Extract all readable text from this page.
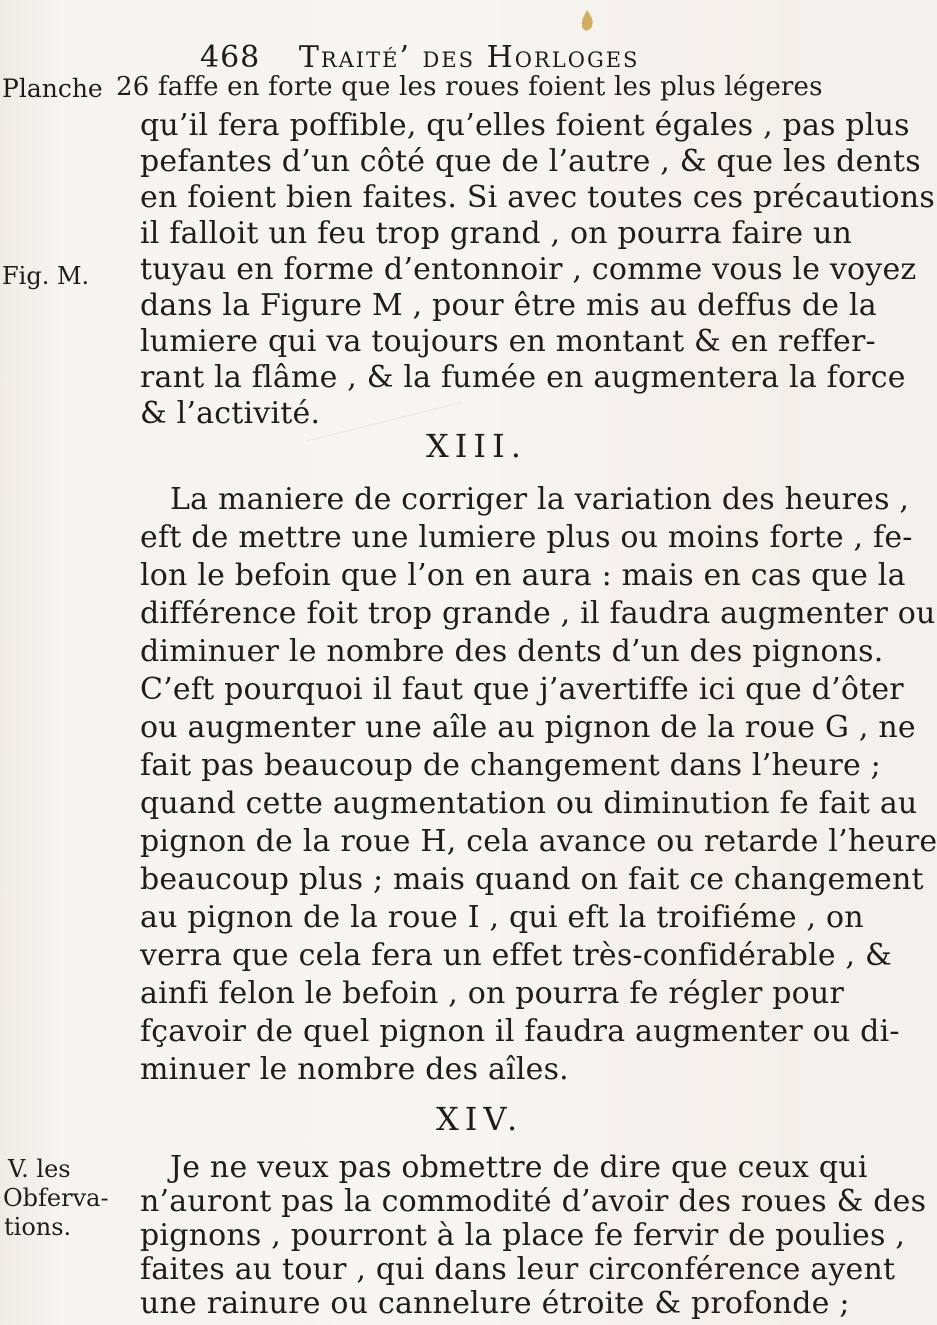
468 Traité’ des Horloges
Planche
Fig. M.
V. les
Obferva-
tions.
26 faffe en forte que les roues foient les plus légeres
qu’il fera poffible, qu’elles foient égales , pas plus
pefantes d’un côté que de l’autre , & que les dents
en foient bien faites. Si avec toutes ces précautions
il falloit un feu trop grand , on pourra faire un
tuyau en forme d’entonnoir , comme vous le voyez
dans la Figure M , pour être mis au deffus de la
lumiere qui va toujours en montant & en reffer-
rant la flâme , & la fumée en augmentera la force
& l’activité.
XIII.
La maniere de corriger la variation des heures ,
eft de mettre une lumiere plus ou moins forte , fe-
lon le befoin que l’on en aura : mais en cas que la
différence foit trop grande , il faudra augmenter ou
diminuer le nombre des dents d’un des pignons.
C’eft pourquoi il faut que j’avertiffe ici que d’ôter
ou augmenter une aîle au pignon de la roue G , ne
fait pas beaucoup de changement dans l’heure ;
quand cette augmentation ou diminution fe fait au
pignon de la roue H, cela avance ou retarde l’heure
beaucoup plus ; mais quand on fait ce changement
au pignon de la roue I , qui eft la troifiéme , on
verra que cela fera un effet très-confidérable , &
ainfi felon le befoin , on pourra fe régler pour
fçavoir de quel pignon il faudra augmenter ou di-
minuer le nombre des aîles.
XIV.
Je ne veux pas obmettre de dire que ceux qui
n’auront pas la commodité d’avoir des roues & des
pignons , pourront à la place fe fervir de poulies ,
faites au tour , qui dans leur circonférence ayent
une rainure ou cannelure étroite & profonde ;
